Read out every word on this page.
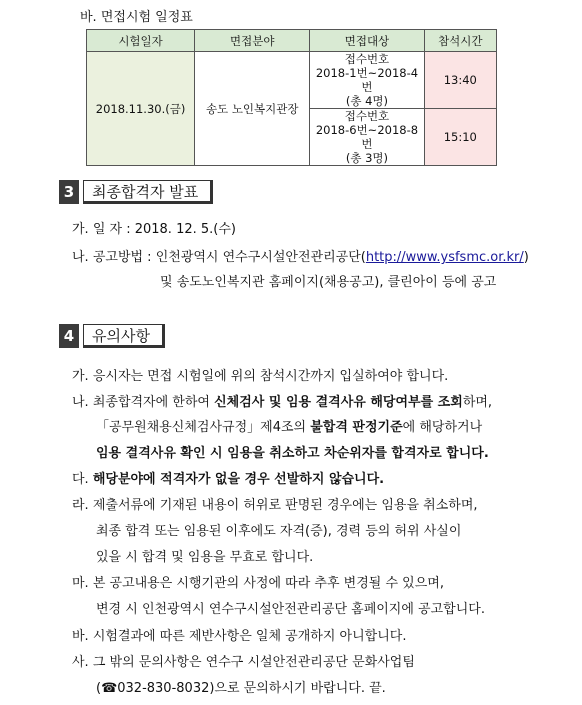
바. 면접시험 일정표
시험일자	면접분야	면접대상	참석시간
2018.11.30.(금)	송도 노인복지관장	접수번호
2018-1번~2018-4번
(총 4명)	13:40

		접수번호
2018-6번~2018-8번
(총 3명)	15:10
3	최종합격자 발표
가. 일 자 : 2018. 12. 5.(수)
나. 공고방법 : 인천광역시 연수구시설안전관리공단(http://www.ysfsmc.or.kr/)
및 송도노인복지관 홈페이지(채용공고), 클린아이 등에 공고
4	유의사항
가. 응시자는 면접 시험일에 위의 참석시간까지 입실하여야 합니다.
나. 최종합격자에 한하여 신체검사 및 임용 결격사유 해당여부를 조회하며,
「공무원채용신체검사규정」제4조의 불합격 판정기준에 해당하거나
임용 결격사유 확인 시 임용을 취소하고 차순위자를 합격자로 합니다.
다. 해당분야에 적격자가 없을 경우 선발하지 않습니다.
라. 제출서류에 기재된 내용이 허위로 판명된 경우에는 임용을 취소하며,
최종 합격 또는 임용된 이후에도 자격(증), 경력 등의 허위 사실이
있을 시 합격 및 임용을 무효로 합니다.
마. 본 공고내용은 시행기관의 사정에 따라 추후 변경될 수 있으며,
변경 시 인천광역시 연수구시설안전관리공단 홈페이지에 공고합니다.
바. 시험결과에 따른 제반사항은 일체 공개하지 아니합니다.
사. 그 밖의 문의사항은 연수구 시설안전관리공단 문화사업팀
(☎032-830-8032)으로 문의하시기 바랍니다. 끝.
